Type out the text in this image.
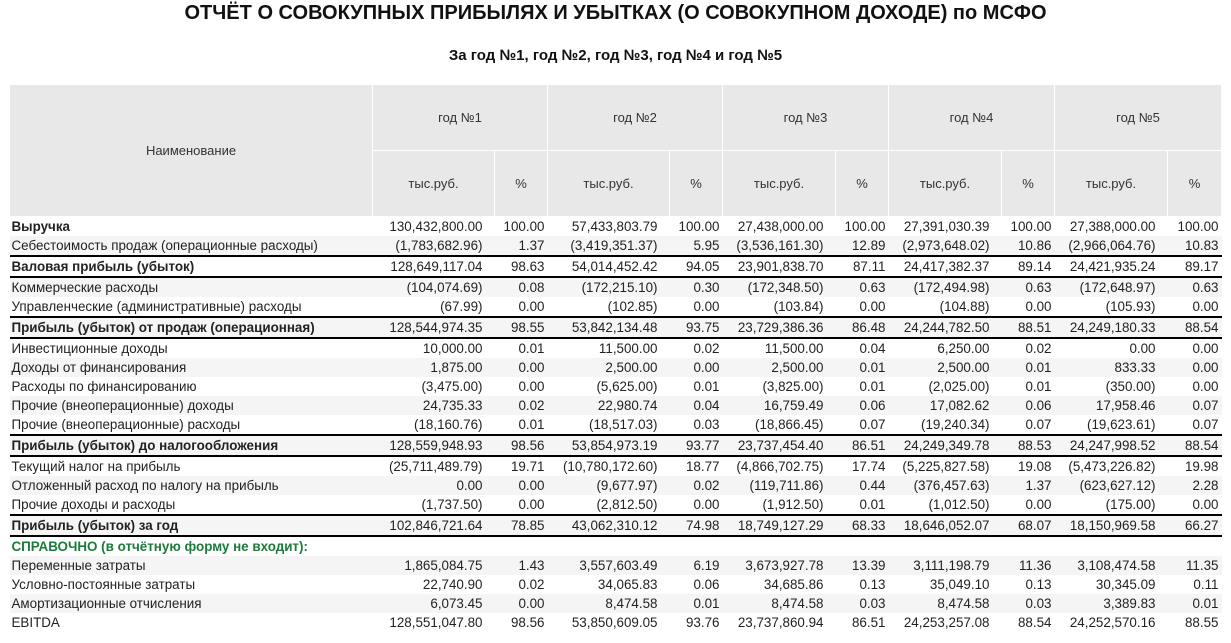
ОТЧЁТ О СОВОКУПНЫХ ПРИБЫЛЯХ И УБЫТКАХ (О СОВОКУПНОМ ДОХОДЕ) по МСФО
За год №1, год №2, год №3, год №4 и год №5
Наименование	год №1		год №2		год №3		год №4		год №5	
	тыс.руб.	%	тыс.руб.	%	тыс.руб.	%	тыс.руб.	%	тыс.руб.	%
Выручка	130,432,800.00	100.00	57,433,803.79	100.00	27,438,000.00	100.00	27,391,030.39	100.00	27,388,000.00	100.00
Себестоимость продаж (операционные расходы)	(1,783,682.96)	1.37	(3,419,351.37)	5.95	(3,536,161.30)	12.89	(2,973,648.02)	10.86	(2,966,064.76)	10.83
Валовая прибыль (убыток)	128,649,117.04	98.63	54,014,452.42	94.05	23,901,838.70	87.11	24,417,382.37	89.14	24,421,935.24	89.17
Коммерческие расходы	(104,074.69)	0.08	(172,215.10)	0.30	(172,348.50)	0.63	(172,494.98)	0.63	(172,648.97)	0.63
Управленческие (административные) расходы	(67.99)	0.00	(102.85)	0.00	(103.84)	0.00	(104.88)	0.00	(105.93)	0.00
Прибыль (убыток) от продаж (операционная)	128,544,974.35	98.55	53,842,134.48	93.75	23,729,386.36	86.48	24,244,782.50	88.51	24,249,180.33	88.54
Инвестиционные доходы	10,000.00	0.01	11,500.00	0.02	11,500.00	0.04	6,250.00	0.02	0.00	0.00
Доходы от финансирования	1,875.00	0.00	2,500.00	0.00	2,500.00	0.01	2,500.00	0.01	833.33	0.00
Расходы по финансированию	(3,475.00)	0.00	(5,625.00)	0.01	(3,825.00)	0.01	(2,025.00)	0.01	(350.00)	0.00
Прочие (внеоперационные) доходы	24,735.33	0.02	22,980.74	0.04	16,759.49	0.06	17,082.62	0.06	17,958.46	0.07
Прочие (внеоперационные) расходы	(18,160.76)	0.01	(18,517.03)	0.03	(18,866.45)	0.07	(19,240.34)	0.07	(19,623.61)	0.07
Прибыль (убыток) до налогообложения	128,559,948.93	98.56	53,854,973.19	93.77	23,737,454.40	86.51	24,249,349.78	88.53	24,247,998.52	88.54
Текущий налог на прибыль	(25,711,489.79)	19.71	(10,780,172.60)	18.77	(4,866,702.75)	17.74	(5,225,827.58)	19.08	(5,473,226.82)	19.98
Отложенный расход по налогу на прибыль	0.00	0.00	(9,677.97)	0.02	(119,711.86)	0.44	(376,457.63)	1.37	(623,627.12)	2.28
Прочие доходы и расходы	(1,737.50)	0.00	(2,812.50)	0.00	(1,912.50)	0.01	(1,012.50)	0.00	(175.00)	0.00
Прибыль (убыток) за год	102,846,721.64	78.85	43,062,310.12	74.98	18,749,127.29	68.33	18,646,052.07	68.07	18,150,969.58	66.27
СПРАВОЧНО (в отчётную форму не входит):										
Переменные затраты	1,865,084.75	1.43	3,557,603.49	6.19	3,673,927.78	13.39	3,111,198.79	11.36	3,108,474.58	11.35
Условно-постоянные затраты	22,740.90	0.02	34,065.83	0.06	34,685.86	0.13	35,049.10	0.13	30,345.09	0.11
Амортизационные отчисления	6,073.45	0.00	8,474.58	0.01	8,474.58	0.03	8,474.58	0.03	3,389.83	0.01
EBITDA	128,551,047.80	98.56	53,850,609.05	93.76	23,737,860.94	86.51	24,253,257.08	88.54	24,252,570.16	88.55
